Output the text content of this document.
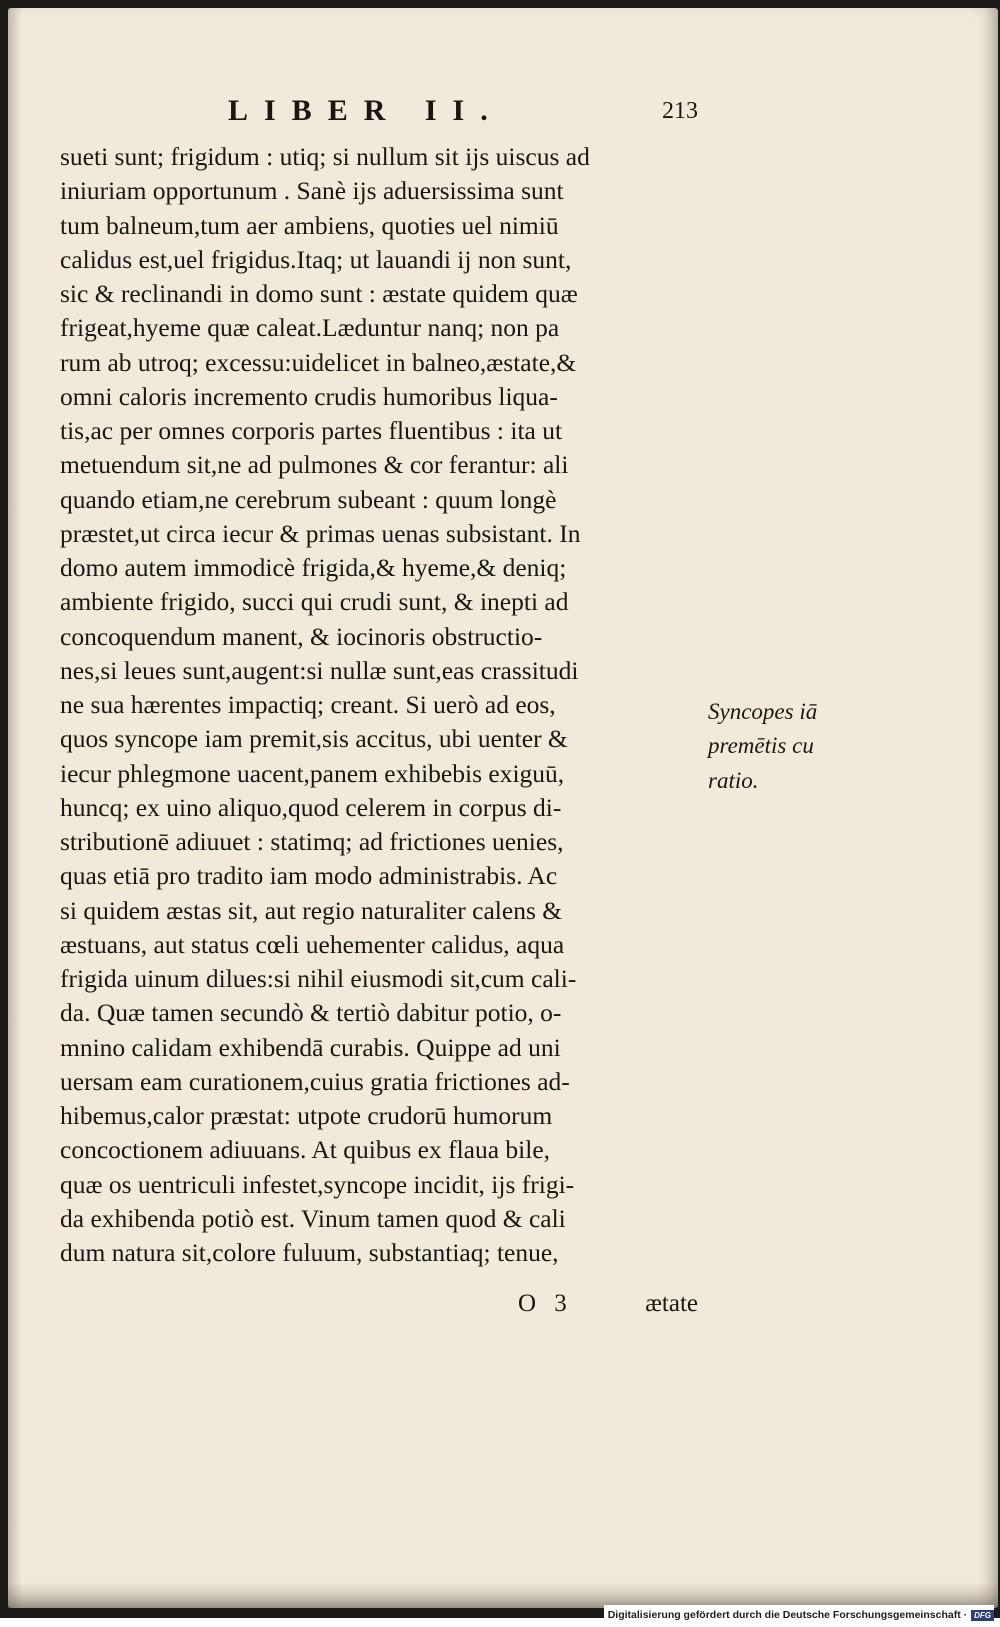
LIBER II.	213
sueti sunt; frigidum : utiq; si nullum sit ijs uiscus ad
iniuriam opportunum . Sanè ijs aduersissima sunt
tum balneum,tum aer ambiens, quoties uel nimiū
calidus est,uel frigidus.Itaq; ut lauandi ij non sunt,
sic & reclinandi in domo sunt : æstate quidem quæ
frigeat,hyeme quæ caleat.Læduntur nanq; non pa
rum ab utroq; excessu:uidelicet in balneo,æstate,&
omni caloris incremento crudis humoribus liqua-
tis,ac per omnes corporis partes fluentibus : ita ut
metuendum sit,ne ad pulmones & cor ferantur: ali
quando etiam,ne cerebrum subeant : quum longè
præstet,ut circa iecur & primas uenas subsistant. In
domo autem immodicè frigida,& hyeme,& deniq;
ambiente frigido, succi qui crudi sunt, & inepti ad
concoquendum manent, & iocinoris obstructio-
nes,si leues sunt,augent:si nullæ sunt,eas crassitudi
ne sua hærentes impactiq; creant. Si uerò ad eos,
quos syncope iam premit,sis accitus, ubi uenter &
iecur phlegmone uacent,panem exhibebis exiguū,
huncq; ex uino aliquo,quod celerem in corpus di-
stributionē adiuuet : statimq; ad frictiones uenies,
quas etiā pro tradito iam modo administrabis. Ac
si quidem æstas sit, aut regio naturaliter calens &
æstuans, aut status cœli uehementer calidus, aqua
frigida uinum dilues:si nihil eiusmodi sit,cum cali-
da. Quæ tamen secundò & tertiò dabitur potio, o-
mnino calidam exhibendā curabis. Quippe ad uni
uersam eam curationem,cuius gratia frictiones ad-
hibemus,calor præstat: utpote crudorū humorum
concoctionem adiuuans. At quibus ex flaua bile,
quæ os uentriculi infestet,syncope incidit, ijs frigi-
da exhibenda potiò est. Vinum tamen quod & cali
dum natura sit,colore fuluum, substantiaq; tenue,
Syncopes iā
premētis cu
ratio.
O 3	ætate
Digitalisierung gefördert durch die Deutsche Forschungsgemeinschaft · DFG
